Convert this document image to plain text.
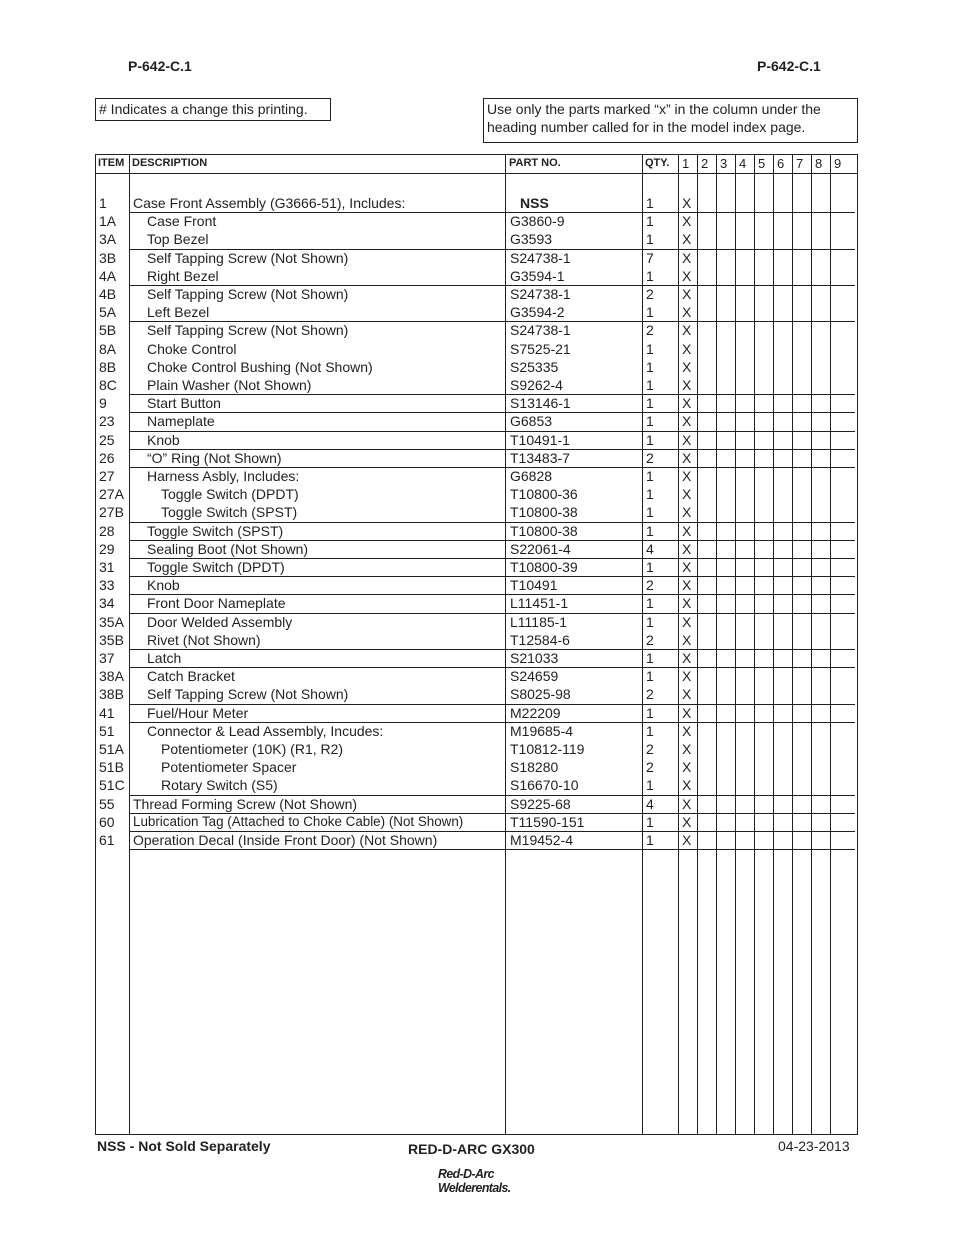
P-642-C.1	P-642-C.1
# Indicates a change this printing.	Use only the parts marked “x” in the column under the heading number called for in the model index page.
ITEM DESCRIPTION	PART NO.	QTY. 1 2 3 4 5 6 7 8 9
1 Case Front Assembly (G3666-51), Includes:	NSS	1 X
1A Case Front	G3860-9	1 X
3A Top Bezel	G3593	1 X
3B Self Tapping Screw (Not Shown)	S24738-1	7 X
4A Right Bezel	G3594-1	1 X
4B Self Tapping Screw (Not Shown)	S24738-1	2 X
5A Left Bezel	G3594-2	1 X
5B Self Tapping Screw (Not Shown)	S24738-1	2 X
8A Choke Control	S7525-21	1 X
8B Choke Control Bushing (Not Shown)	S25335	1 X
8C Plain Washer (Not Shown)	S9262-4	1 X
9	Start Button	S13146-1	1 X
23 Nameplate	G6853	1 X
25 Knob	T10491-1	1 X
26 “O” Ring (Not Shown)	T13483-7	2 X
27 Harness Asbly, Includes:	G6828	1 X
27A	Toggle Switch (DPDT)	T10800-36	1 X
27B	Toggle Switch (SPST)	T10800-38	1 X
28 Toggle Switch (SPST)	T10800-38	1 X
29 Sealing Boot (Not Shown)	S22061-4	4 X
31 Toggle Switch (DPDT)	T10800-39	1 X
33 Knob	T10491	2 X
34 Front Door Nameplate	L11451-1	1 X
35A Door Welded Assembly	L11185-1	1 X
35B Rivet (Not Shown)	T12584-6	2 X
37 Latch	S21033	1 X
38A Catch Bracket	S24659	1 X
38B Self Tapping Screw (Not Shown)	S8025-98	2 X
41 Fuel/Hour Meter	M22209	1 X
51 Connector & Lead Assembly, Incudes:	M19685-4	1 X
51A	Potentiometer (10K) (R1, R2)	T10812-119	2 X
51B	Potentiometer Spacer	S18280	2 X
51C	Rotary Switch (S5)	S16670-10	1 X
55 Thread Forming Screw (Not Shown)	S9225-68	4 X
60 Lubrication Tag (Attached to Choke Cable) (Not Shown)	T11590-151	1 X
61 Operation Decal (Inside Front Door) (Not Shown)	M19452-4	1 X
NSS - Not Sold Separately	RED-D-ARC GX300	04-23-2013
Red-D-Arc
Welderentals.
